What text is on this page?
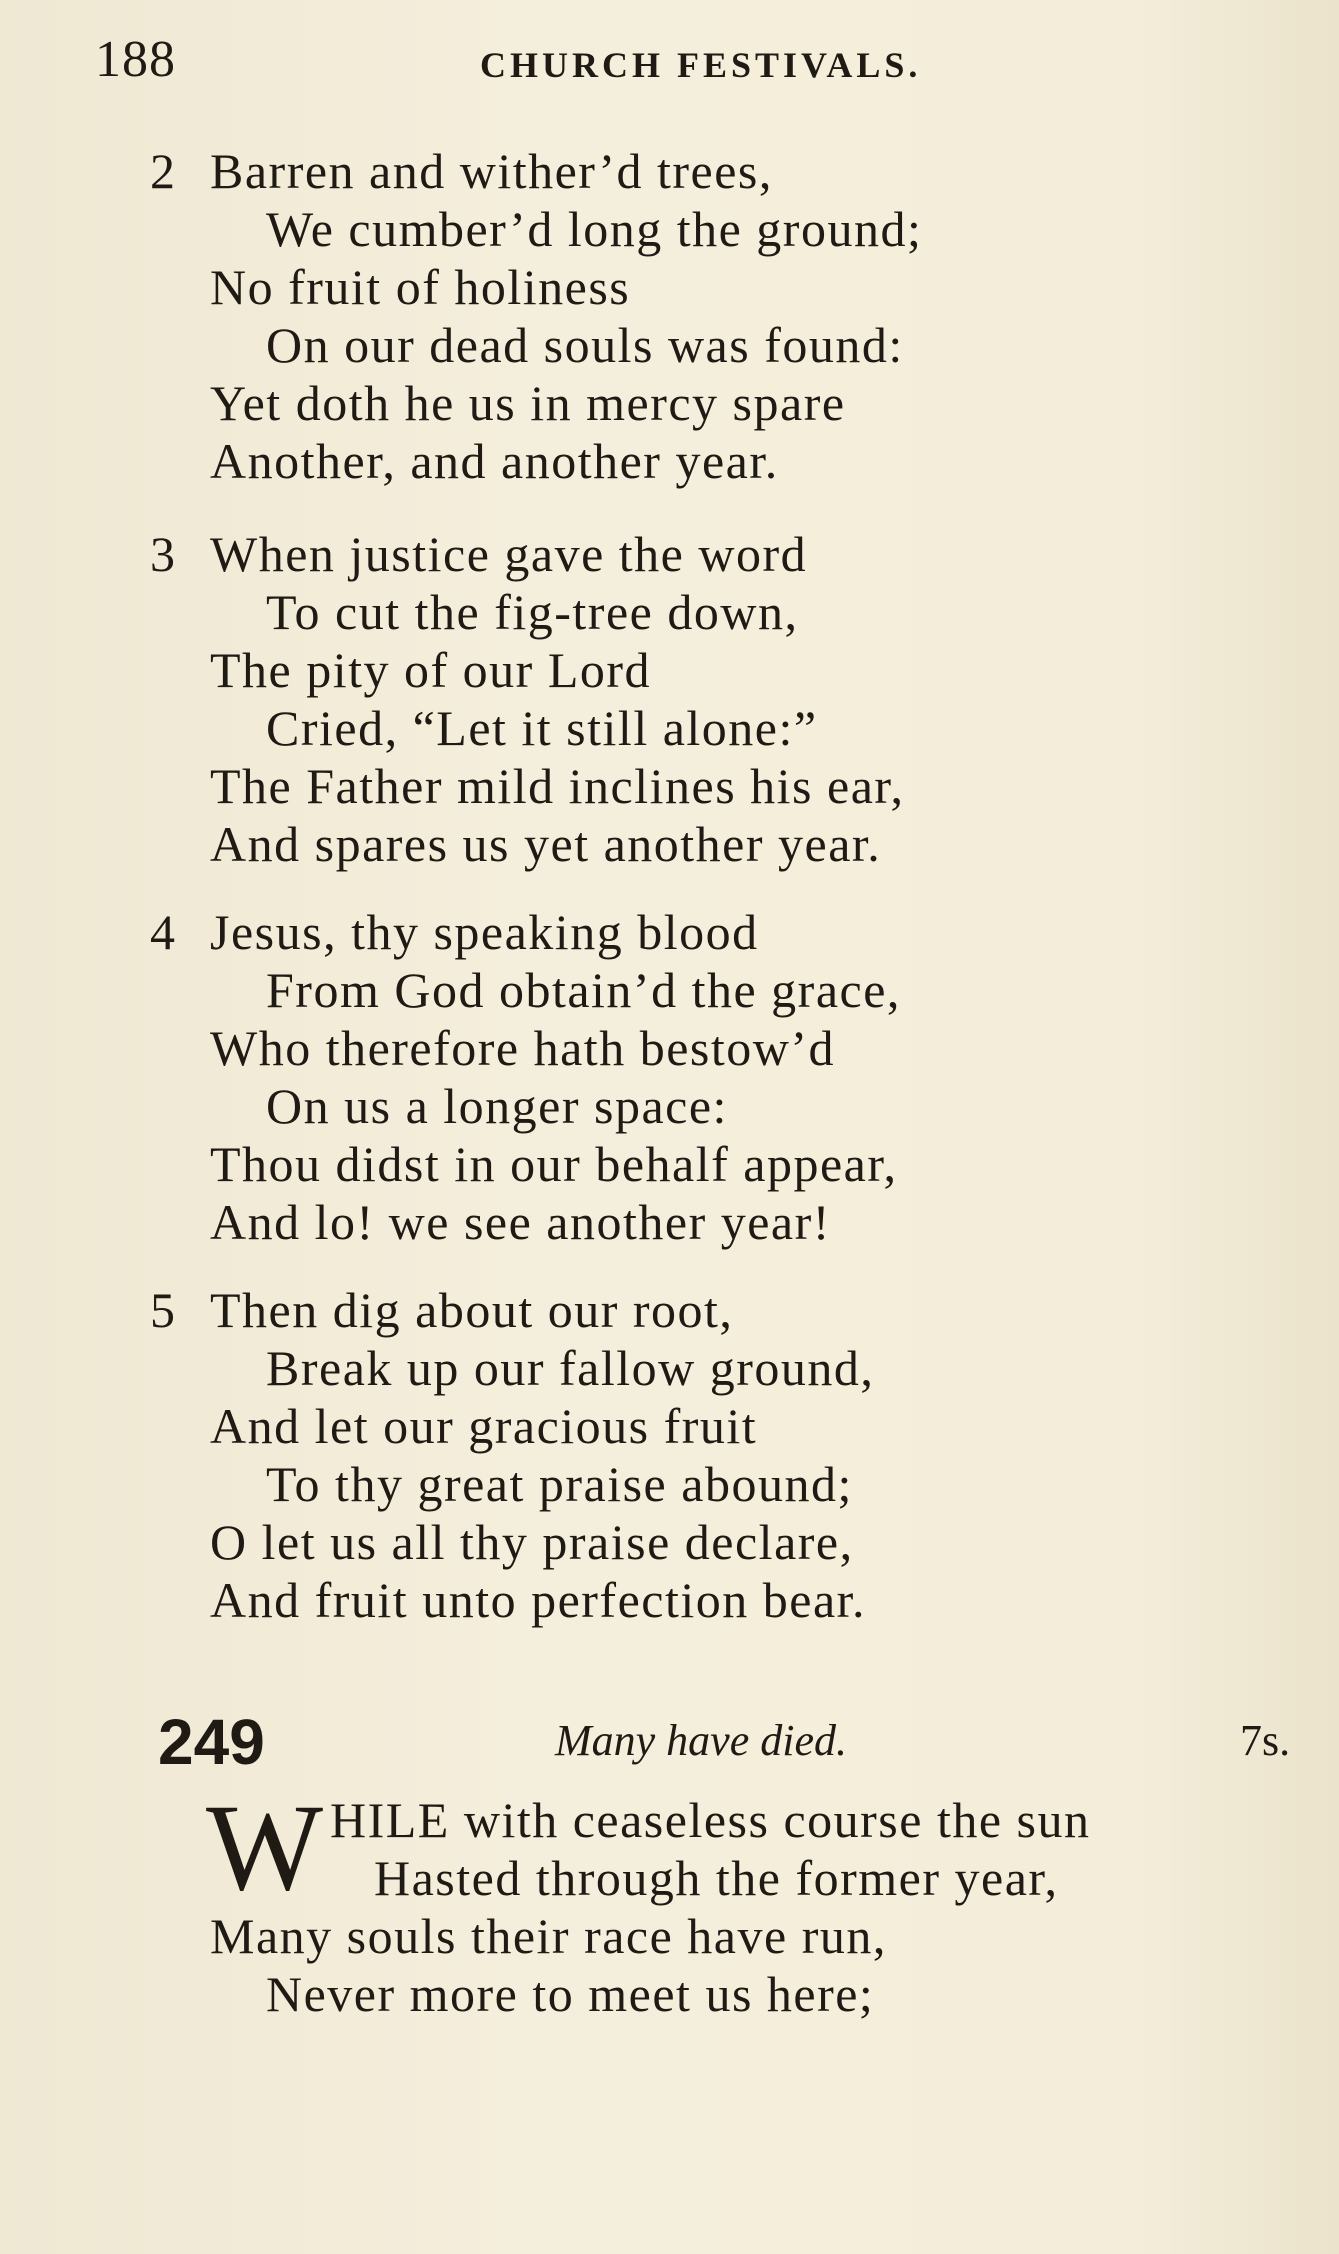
188	CHURCH FESTIVALS.
2 Barren and wither’d trees,
We cumber’d long the ground;
No fruit of holiness
On our dead souls was found:
Yet doth he us in mercy spare
Another, and another year.
3 When justice gave the word
To cut the fig-tree down,
The pity of our Lord
Cried, “Let it still alone:”
The Father mild inclines his ear,
And spares us yet another year.
4 Jesus, thy speaking blood
From God obtain’d the grace,
Who therefore hath bestow’d
On us a longer space:
Thou didst in our behalf appear,
And lo! we see another year!
5 Then dig about our root,
Break up our fallow ground,
And let our gracious fruit
To thy great praise abound;
O let us all thy praise declare,
And fruit unto perfection bear.
249	Many have died.	7s.
W HILE with ceaseless course the sun
Hasted through the former year,
Many souls their race have run,
Never more to meet us here;
